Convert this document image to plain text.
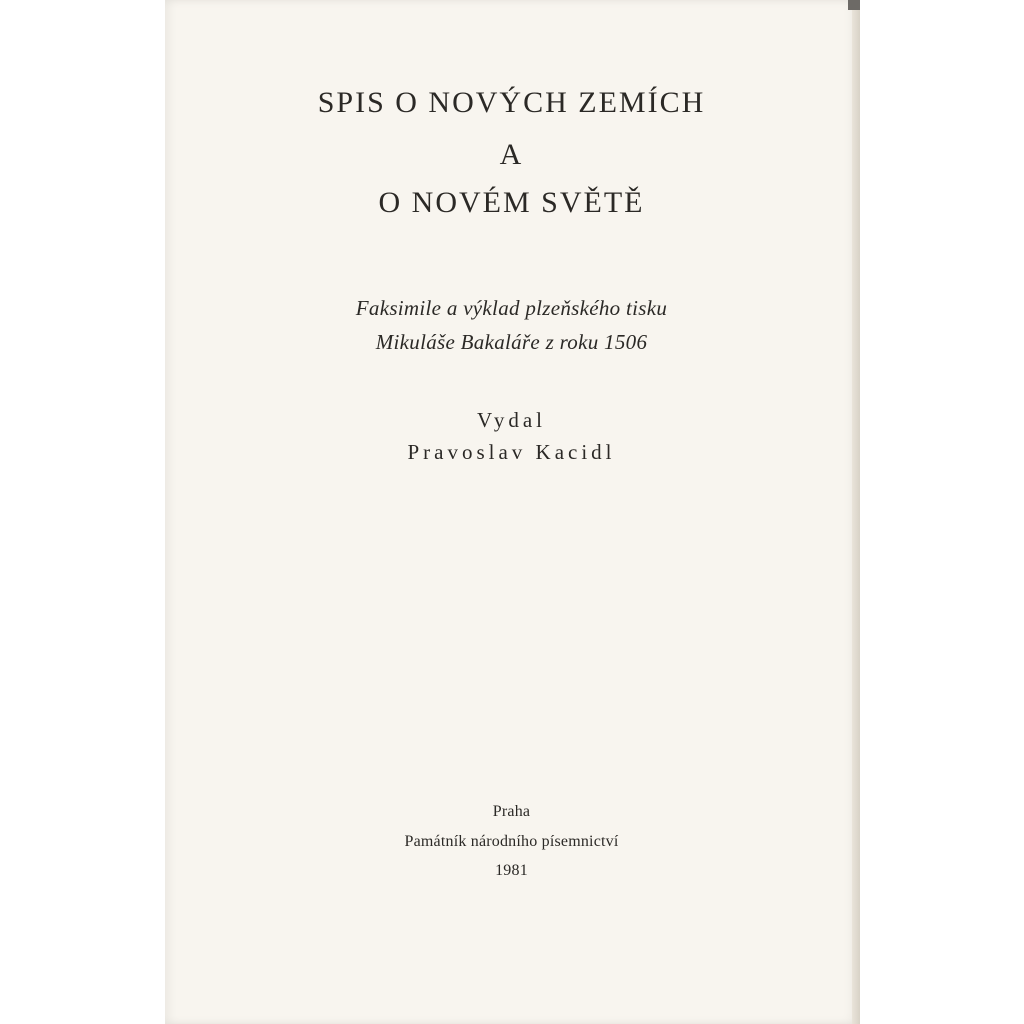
SPIS O NOVÝCH ZEMÍCH
A
O NOVÉM SVĚTĚ
Faksimile a výklad plzeňského tisku
Mikuláše Bakaláře z roku 1506
Vydal
Pravoslav Kacidl
Praha
Památník národního písemnictví
1981
